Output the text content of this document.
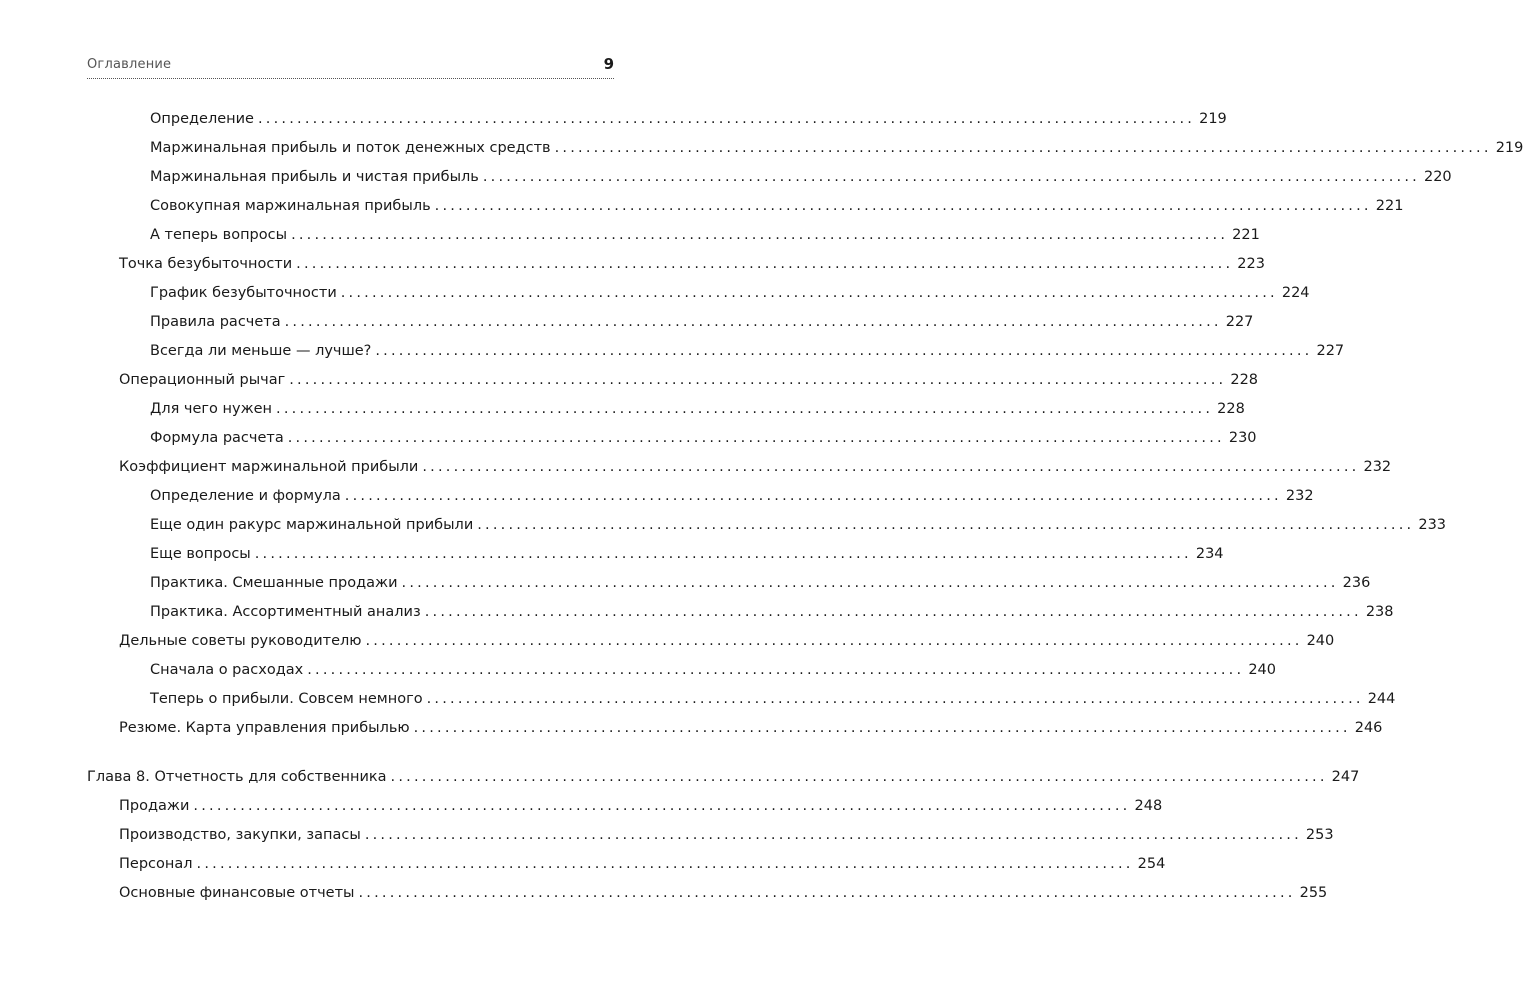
Оглавление	9
Определение ........................................................................................................................ 219
Маржинальная прибыль и поток денежных средств ........................................................................................................................ 219
Маржинальная прибыль и чистая прибыль ........................................................................................................................ 220
Совокупная маржинальная прибыль ........................................................................................................................ 221
А теперь вопросы ........................................................................................................................ 221
Точка безубыточности ........................................................................................................................ 223
График безубыточности ........................................................................................................................ 224
Правила расчета ........................................................................................................................ 227
Всегда ли меньше — лучше? ........................................................................................................................ 227
Операционный рычаг ........................................................................................................................ 228
Для чего нужен ........................................................................................................................ 228
Формула расчета ........................................................................................................................ 230
Коэффициент маржинальной прибыли ........................................................................................................................ 232
Определение и формула ........................................................................................................................ 232
Еще один ракурс маржинальной прибыли ........................................................................................................................ 233
Еще вопросы ........................................................................................................................ 234
Практика. Смешанные продажи ........................................................................................................................ 236
Практика. Ассортиментный анализ ........................................................................................................................ 238
Дельные советы руководителю ........................................................................................................................ 240
Сначала о расходах ........................................................................................................................ 240
Теперь о прибыли. Совсем немного ........................................................................................................................ 244
Резюме. Карта управления прибылью ........................................................................................................................ 246
Глава 8. Отчетность для собственника ........................................................................................................................ 247
Продажи ........................................................................................................................ 248
Производство, закупки, запасы ........................................................................................................................ 253
Персонал ........................................................................................................................ 254
Основные финансовые отчеты ........................................................................................................................ 255
